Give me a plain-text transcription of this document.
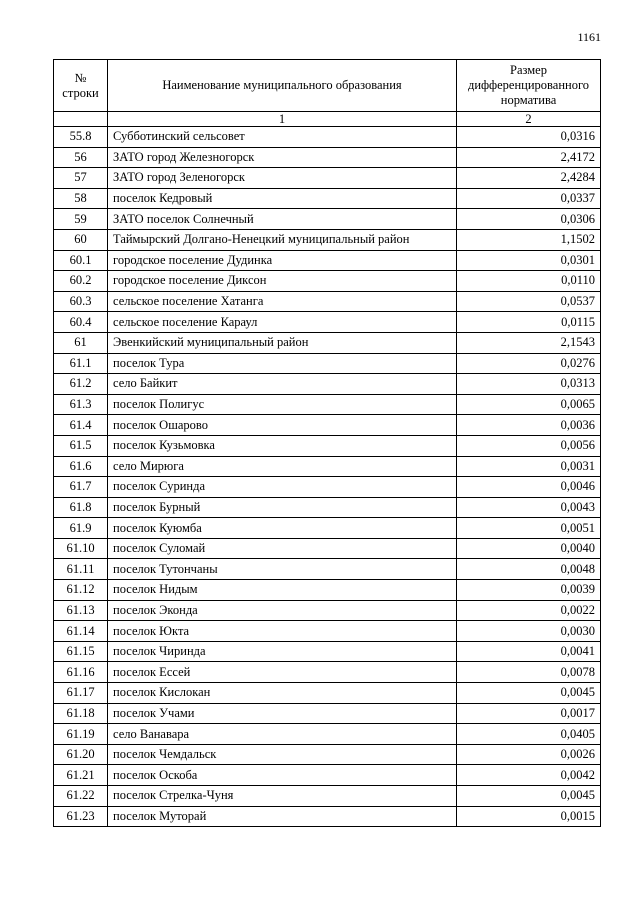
1161
№ строки	Наименование муниципального образования	Размер дифференцированного норматива
	1	2
55.8	Субботинский сельсовет	0,0316
56	ЗАТО город Железногорск	2,4172
57	ЗАТО город Зеленогорск	2,4284
58	поселок Кедровый	0,0337
59	ЗАТО поселок Солнечный	0,0306
60	Таймырский Долгано-Ненецкий муниципальный район	1,1502
60.1	городское поселение Дудинка	0,0301
60.2	городское поселение Диксон	0,0110
60.3	сельское поселение Хатанга	0,0537
60.4	сельское поселение Караул	0,0115
61	Эвенкийский муниципальный район	2,1543
61.1	поселок Тура	0,0276
61.2	село Байкит	0,0313
61.3	поселок Полигус	0,0065
61.4	поселок Ошарово	0,0036
61.5	поселок Кузьмовка	0,0056
61.6	село Мирюга	0,0031
61.7	поселок Суринда	0,0046
61.8	поселок Бурный	0,0043
61.9	поселок Куюмба	0,0051
61.10	поселок Суломай	0,0040
61.11	поселок Тутончаны	0,0048
61.12	поселок Нидым	0,0039
61.13	поселок Эконда	0,0022
61.14	поселок Юкта	0,0030
61.15	поселок Чиринда	0,0041
61.16	поселок Ессей	0,0078
61.17	поселок Кислокан	0,0045
61.18	поселок Учами	0,0017
61.19	село Ванавара	0,0405
61.20	поселок Чемдальск	0,0026
61.21	поселок Оскоба	0,0042
61.22	поселок Стрелка-Чуня	0,0045
61.23	поселок Муторай	0,0015
